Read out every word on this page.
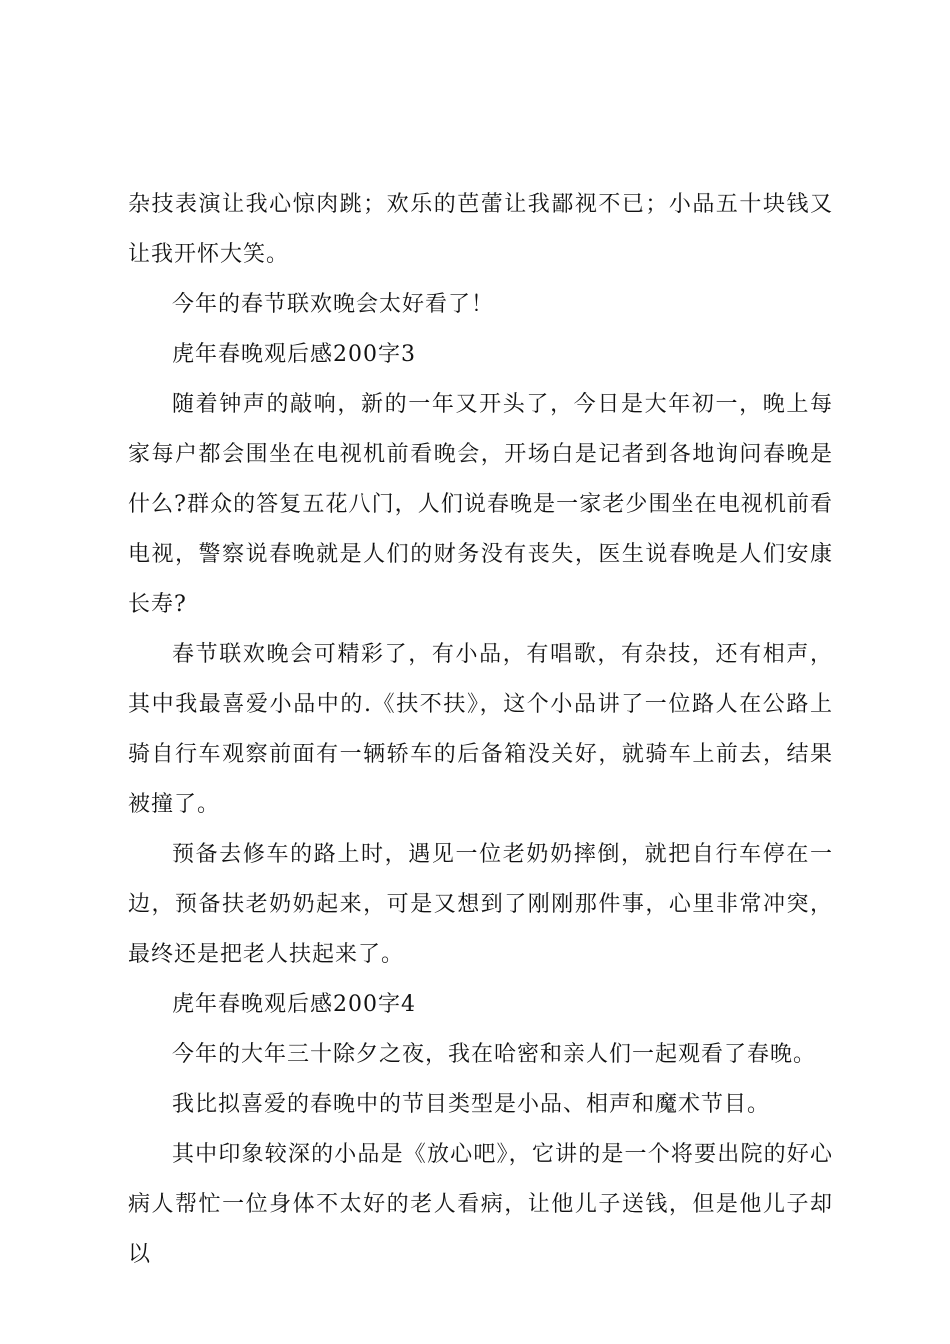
杂技表演让我心惊肉跳；欢乐的芭蕾让我鄙视不已；小品五十块钱又让我开怀大笑。

今年的春节联欢晚会太好看了！

虎年春晚观后感200字3

随着钟声的敲响，新的一年又开头了，今日是大年初一，晚上每家每户都会围坐在电视机前看晚会，开场白是记者到各地询问春晚是什么?群众的答复五花八门，人们说春晚是一家老少围坐在电视机前看电视，警察说春晚就是人们的财务没有丧失，医生说春晚是人们安康长寿?

春节联欢晚会可精彩了，有小品，有唱歌，有杂技，还有相声，其中我最喜爱小品中的.《扶不扶》，这个小品讲了一位路人在公路上骑自行车观察前面有一辆轿车的后备箱没关好，就骑车上前去，结果被撞了。

预备去修车的路上时，遇见一位老奶奶摔倒，就把自行车停在一边，预备扶老奶奶起来，可是又想到了刚刚那件事，心里非常冲突，最终还是把老人扶起来了。

虎年春晚观后感200字4

今年的大年三十除夕之夜，我在哈密和亲人们一起观看了春晚。

我比拟喜爱的春晚中的节目类型是小品、相声和魔术节目。

其中印象较深的小品是《放心吧》，它讲的是一个将要出院的好心病人帮忙一位身体不太好的老人看病，让他儿子送钱，但是他儿子却以
